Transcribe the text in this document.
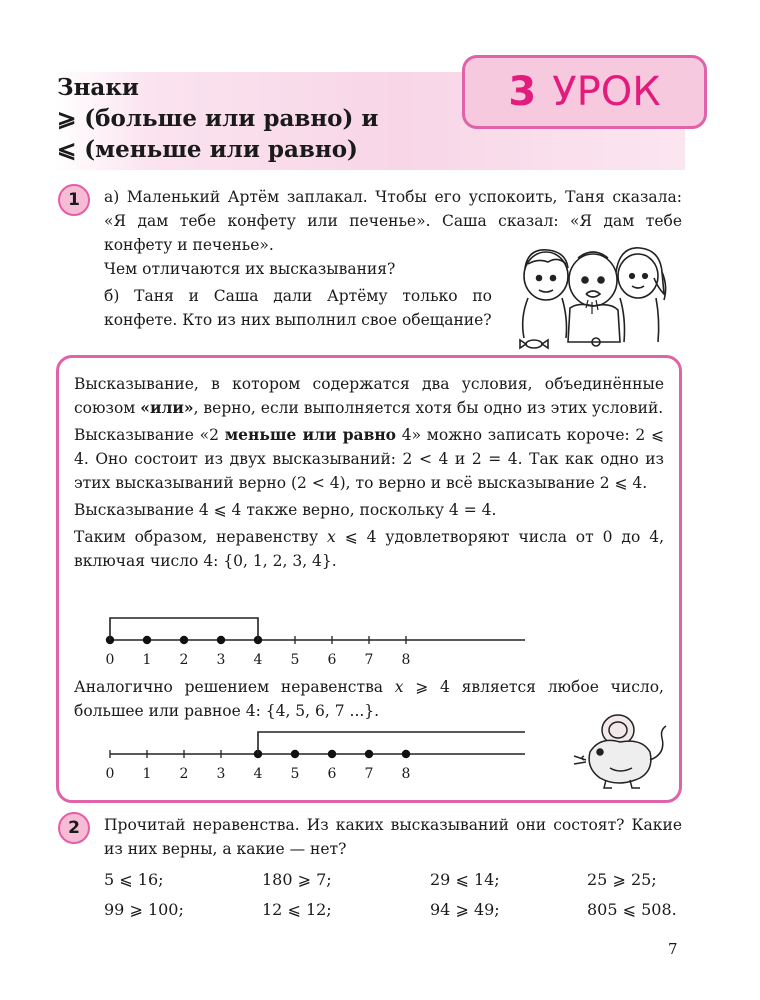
Знаки
⩾ (больше или равно) и
⩽ (меньше или равно)
3 УРОК
1	а) Маленький Артём заплакал. Чтобы его успокоить, Таня сказала: «Я дам тебе конфету или печенье». Саша сказал: «Я дам тебе конфету и печенье».
Чем отличаются их высказывания?
б) Таня и Саша дали Артёму только по конфете. Кто из них выполнил свое обещание?

Высказывание, в котором содержатся два условия, объединённые союзом «или», верно, если выполняется хотя бы одно из этих условий.

Высказывание «2 меньше или равно 4» можно записать короче: 2 ⩽ 4. Оно состоит из двух высказываний: 2 < 4 и 2 = 4. Так как одно из этих высказываний верно (2 < 4), то верно и всё высказывание 2 ⩽ 4.

Высказывание 4 ⩽ 4 также верно, поскольку 4 = 4.

Таким образом, неравенству x ⩽ 4 удовлетворяют числа от 0 до 4, включая число 4: {0, 1, 2, 3, 4}.

0 1 2 3 4 5 6 7 8
Аналогично решением неравенства x ⩾ 4 является любое число, большее или равное 4: {4, 5, 6, 7 ...}.
0 1 2 3 4 5 6 7 8
2	Прочитай неравенства. Из каких высказываний они состоят? Какие из них верны, а какие — нет?
5 ⩽ 16;	180 ⩾ 7;	29 ⩽ 14;	25 ⩾ 25;
99 ⩾ 100;	12 ⩽ 12;	94 ⩾ 49;	805 ⩽ 508.
7
